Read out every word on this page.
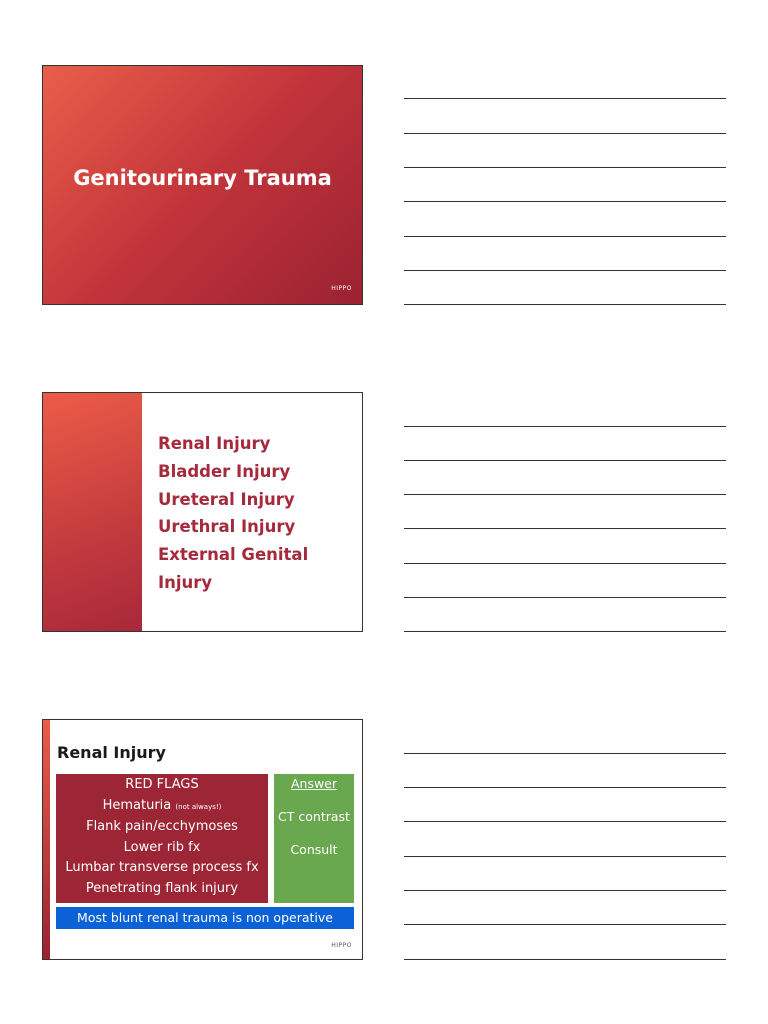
Genitourinary Trauma
HIPPO
Renal Injury
Bladder Injury
Ureteral Injury
Urethral Injury
External Genital
Injury
Renal Injury
RED FLAGS
Hematuria (not always!)
Flank pain/ecchymoses
Lower rib fx
Lumbar transverse process fx
Penetrating flank injury
Answer
CT contrast
Consult
Most blunt renal trauma is non operative
HIPPO
